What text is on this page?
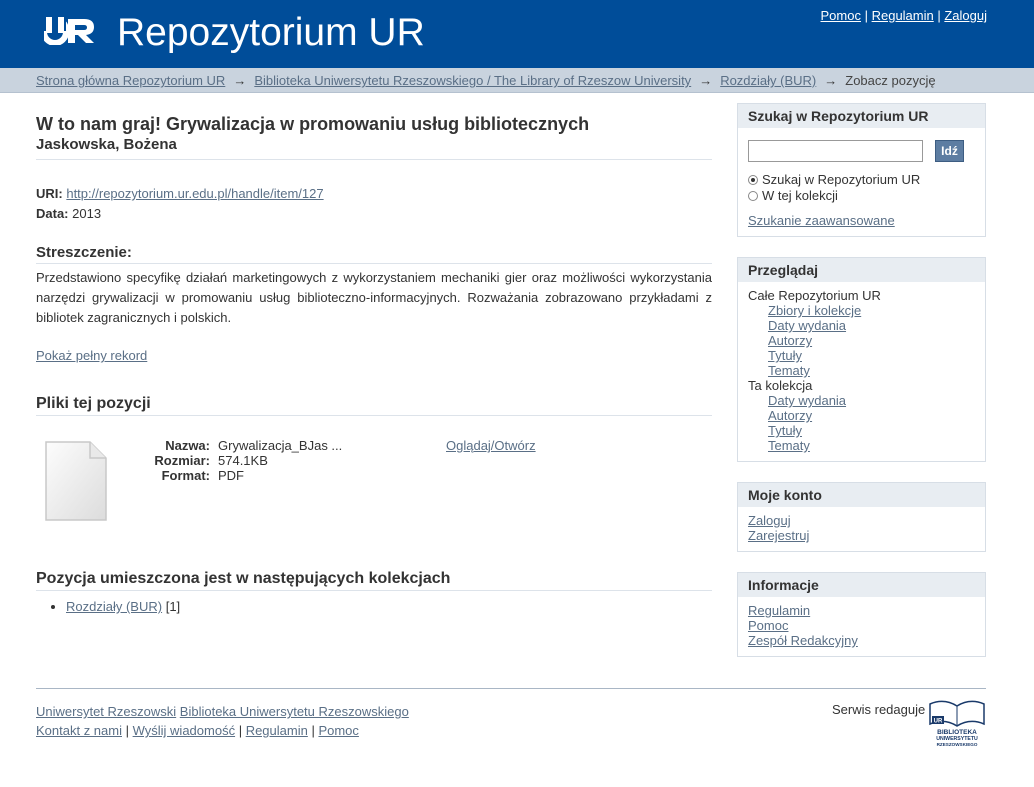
Repozytorium UR	Pomoc | Regulamin | Zaloguj
Strona główna Repozytorium UR → Biblioteka Uniwersytetu Rzeszowskiego / The Library of Rzeszow University → Rozdziały (BUR) → Zobacz pozycję
W to nam graj! Grywalizacja w promowaniu usług bibliotecznych
Jaskowska, Bożena
URI: http://repozytorium.ur.edu.pl/handle/item/127
Data: 2013
Streszczenie:
Przedstawiono specyfikę działań marketingowych z wykorzystaniem mechaniki gier oraz możliwości wykorzystania narzędzi grywalizacji w promowaniu usług biblioteczno-informacyjnych. Rozważania zobrazowano przykładami z bibliotek zagranicznych i polskich.
Pokaż pełny rekord
Pliki tej pozycji
Nazwa:
Rozmiar:
Format:
Grywalizacja_BJas ...
574.1KB
PDF
Oglądaj/Otwórz
Pozycja umieszczona jest w następujących kolekcjach
• Rozdziały (BUR) [1]
Szukaj w Repozytorium UR
Idź
Szukaj w Repozytorium UR
W tej kolekcji
Szukanie zaawansowane
Przeglądaj
Całe Repozytorium UR
Zbiory i kolekcje
Daty wydania
Autorzy
Tytuły
Tematy
Ta kolekcja
Daty wydania
Autorzy
Tytuły
Tematy
Moje konto
Zaloguj
Zarejestruj
Informacje
Regulamin
Pomoc
Zespół Redakcyjny
Uniwersytet Rzeszowski Biblioteka Uniwersytetu Rzeszowskiego
Kontakt z nami | Wyślij wiadomość | Regulamin | Pomoc
Serwis redaguje
UR
BIBLIOTEKA
UNIWERSYTETU
RZESZOWSKIEGO
